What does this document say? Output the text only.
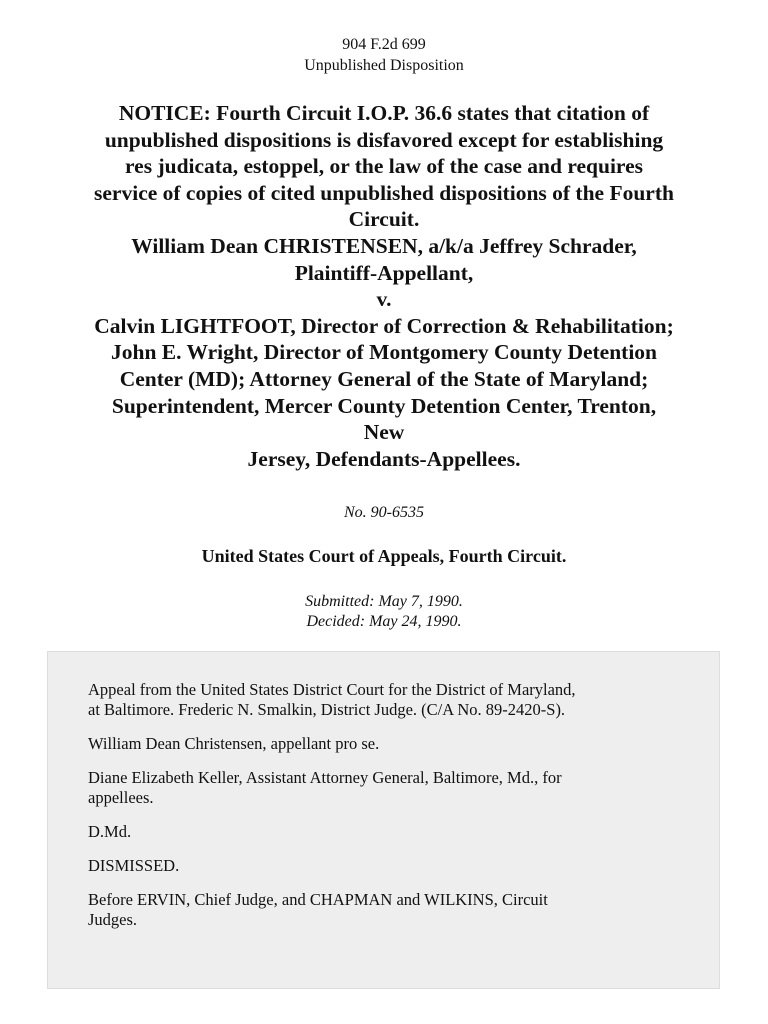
904 F.2d 699
Unpublished Disposition
NOTICE: Fourth Circuit I.O.P. 36.6 states that citation of
unpublished dispositions is disfavored except for establishing
res judicata, estoppel, or the law of the case and requires
service of copies of cited unpublished dispositions of the Fourth
Circuit.
William Dean CHRISTENSEN, a/k/a Jeffrey Schrader,
Plaintiff-Appellant,
v.
Calvin LIGHTFOOT, Director of Correction & Rehabilitation;
John E. Wright, Director of Montgomery County Detention
Center (MD); Attorney General of the State of Maryland;
Superintendent, Mercer County Detention Center, Trenton,
New
Jersey, Defendants-Appellees.
No. 90-6535
United States Court of Appeals, Fourth Circuit.
Submitted: May 7, 1990.
Decided: May 24, 1990.

Appeal from the United States District Court for the District of Maryland,
at Baltimore. Frederic N. Smalkin, District Judge. (C/A No. 89-2420-S).

William Dean Christensen, appellant pro se.

Diane Elizabeth Keller, Assistant Attorney General, Baltimore, Md., for
appellees.

D.Md.

DISMISSED.

Before ERVIN, Chief Judge, and CHAPMAN and WILKINS, Circuit
Judges.
